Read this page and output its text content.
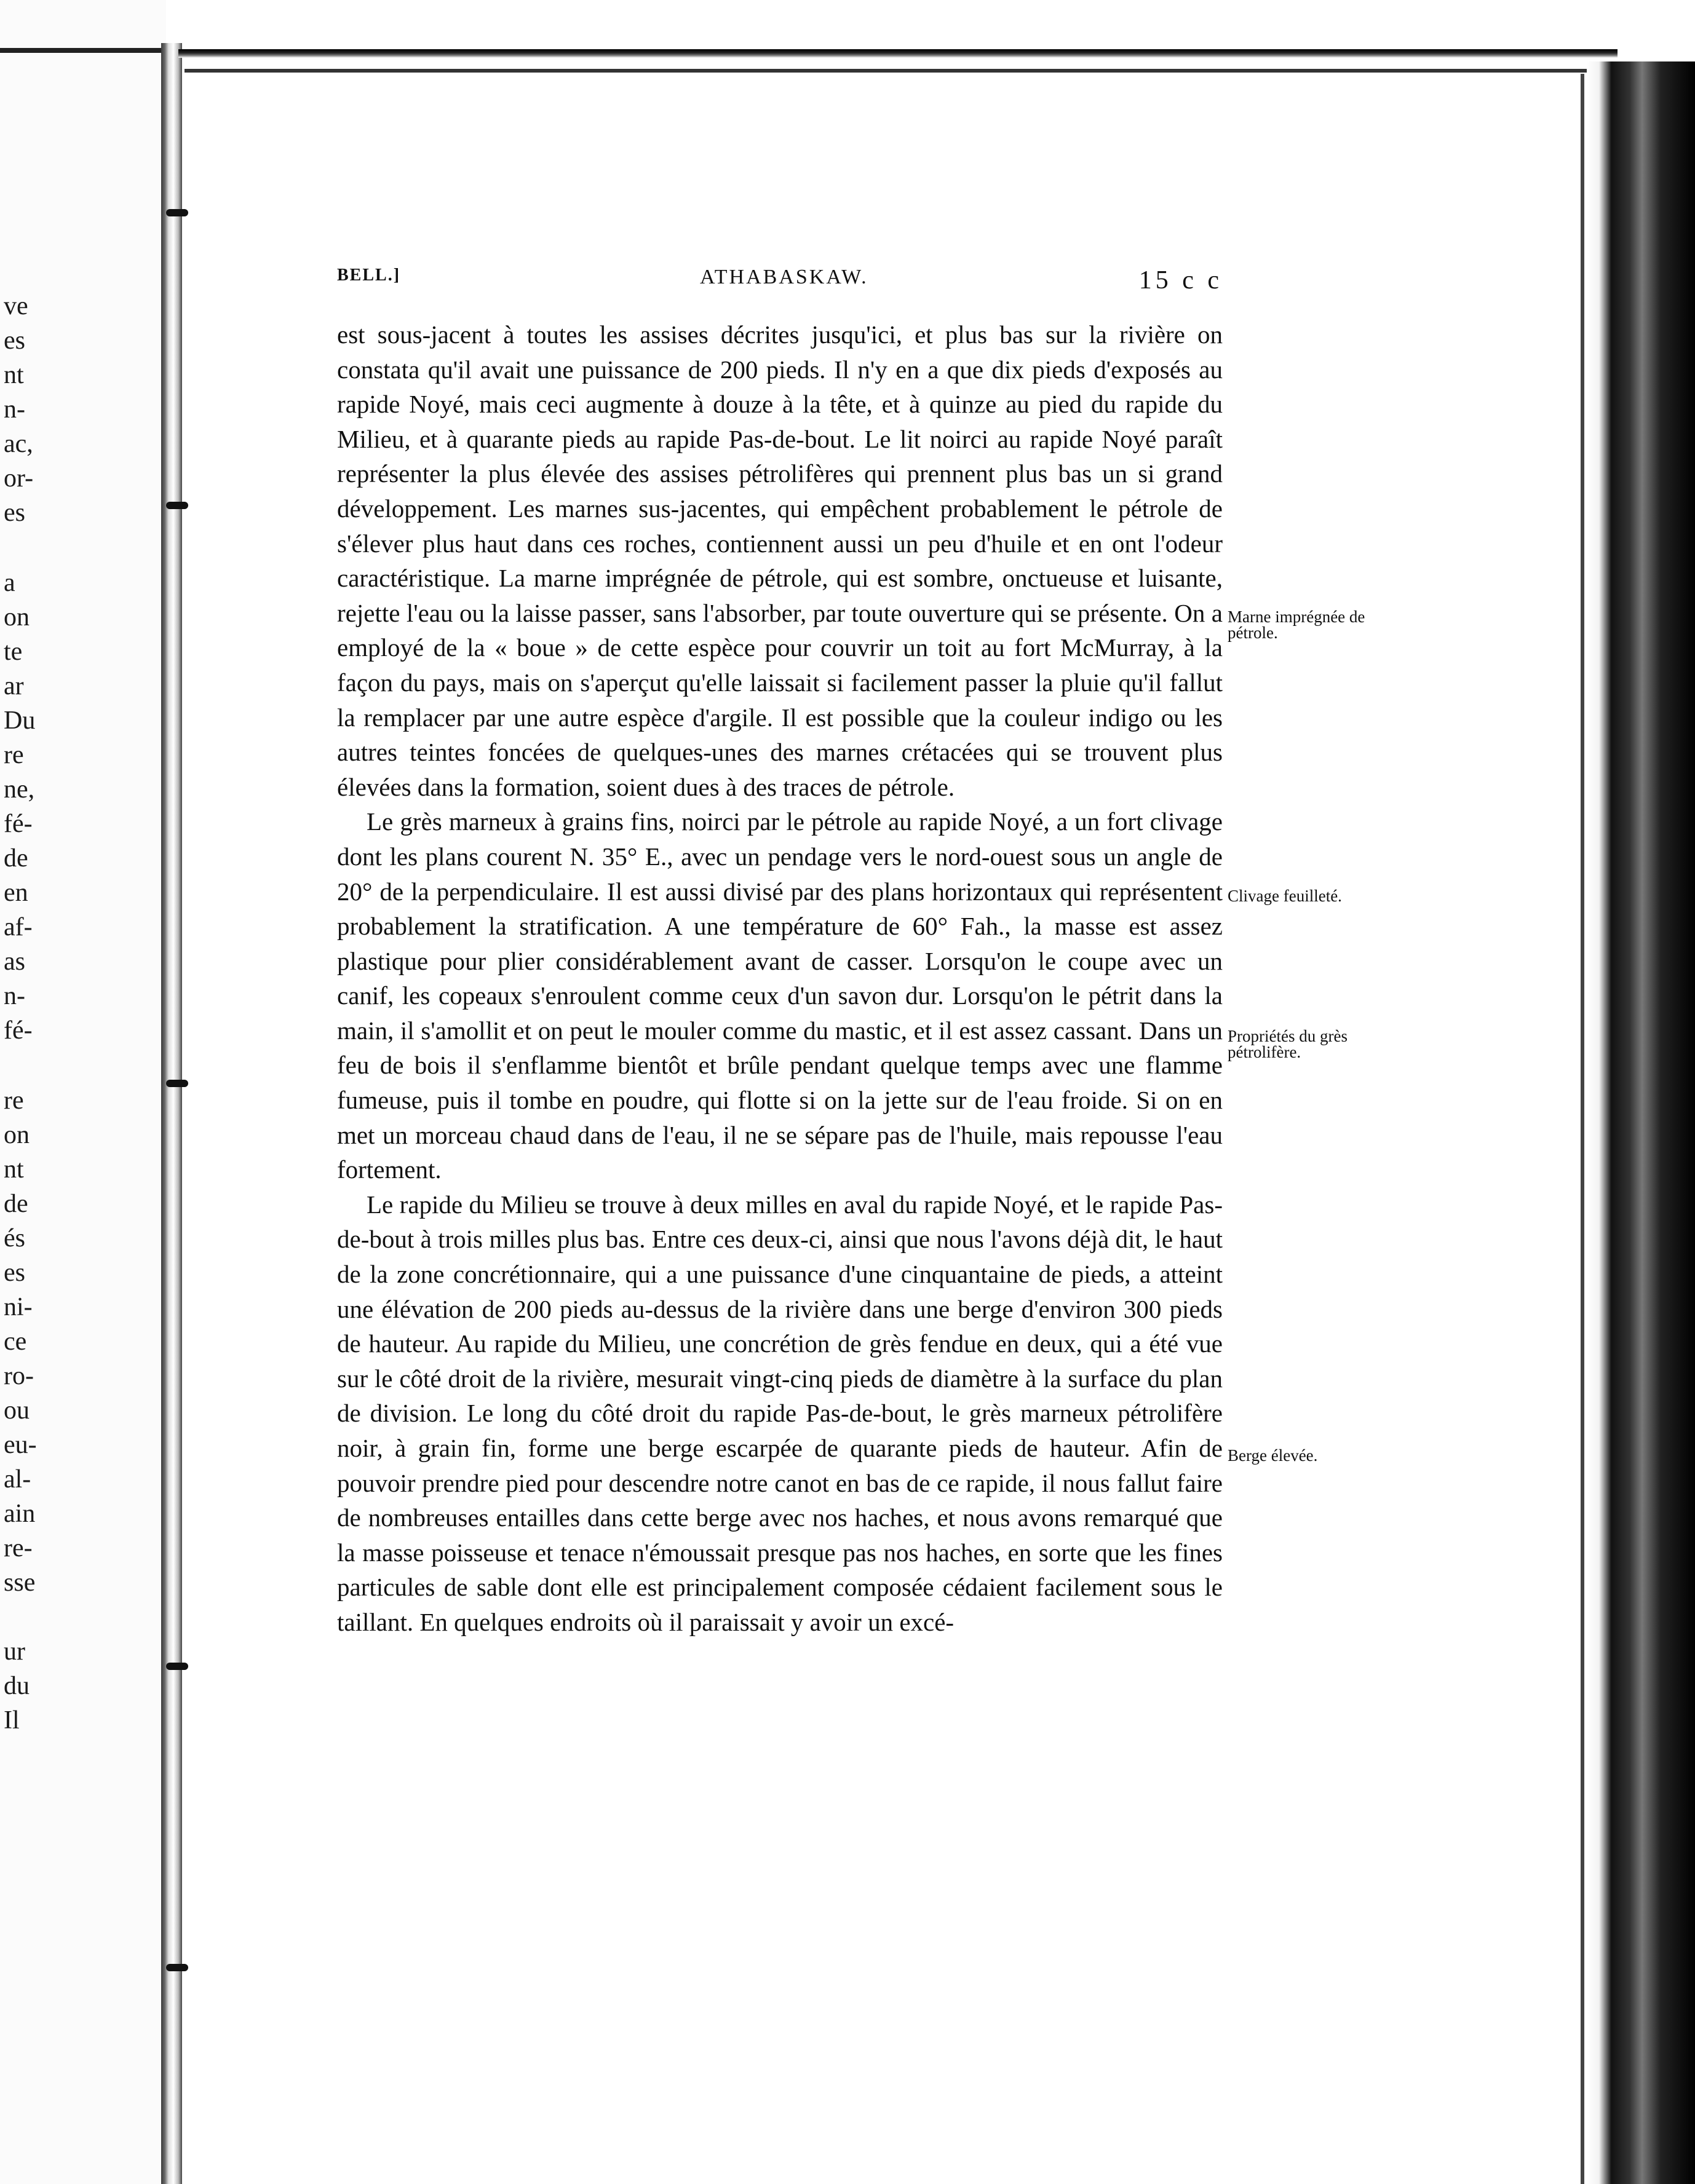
ve
es
nt
n-
ac,
or-
es
a
on
te
ar
Du
re
ne,
fé-
de
en
af-
as
n-
fé-
re
on
nt
de
és
es
ni-
ce
ro-
ou
eu-
al-
ain
re-
sse
ur
du
Il
BELL.]	ATHABASKAW.	15 c c

est sous-jacent à toutes les assises décrites jusqu'ici, et plus bas sur la rivière on constata qu'il avait une puissance de 200 pieds. Il n'y en a que dix pieds d'exposés au rapide Noyé, mais ceci augmente à douze à la tête, et à quinze au pied du rapide du Milieu, et à quarante pieds au rapide Pas-de-bout. Le lit noirci au rapide Noyé paraît représenter la plus élevée des assises pétrolifères qui prennent plus bas un si grand développement. Les marnes sus-jacentes, qui empêchent probablement le pétrole de s'élever plus haut dans ces roches, contiennent aussi un peu d'huile et en ont l'odeur caractéristique. La marne imprégnée de pétrole, qui est sombre, onctueuse et luisante, rejette l'eau ou la laisse passer, sans l'absorber, par toute ouverture qui se présente. On a employé de la « boue » de cette espèce pour couvrir un toit au fort McMurray, à la façon du pays, mais on s'aperçut qu'elle laissait si facilement passer la pluie qu'il fallut la remplacer par une autre espèce d'argile. Il est possible que la couleur indigo ou les autres teintes foncées de quelques-unes des marnes crétacées qui se trouvent plus élevées dans la formation, soient dues à des traces de pétrole.

Le grès marneux à grains fins, noirci par le pétrole au rapide Noyé, a un fort clivage dont les plans courent N. 35° E., avec un pendage vers le nord-ouest sous un angle de 20° de la perpendiculaire. Il est aussi divisé par des plans horizontaux qui représentent probablement la stratification. A une température de 60° Fah., la masse est assez plastique pour plier considérablement avant de casser. Lorsqu'on le coupe avec un canif, les copeaux s'enroulent comme ceux d'un savon dur. Lorsqu'on le pétrit dans la main, il s'amollit et on peut le mouler comme du mastic, et il est assez cassant. Dans un feu de bois il s'enflamme bientôt et brûle pendant quelque temps avec une flamme fumeuse, puis il tombe en poudre, qui flotte si on la jette sur de l'eau froide. Si on en met un morceau chaud dans de l'eau, il ne se sépare pas de l'huile, mais repousse l'eau fortement.

Le rapide du Milieu se trouve à deux milles en aval du rapide Noyé, et le rapide Pas-de-bout à trois milles plus bas. Entre ces deux-ci, ainsi que nous l'avons déjà dit, le haut de la zone concrétionnaire, qui a une puissance d'une cinquantaine de pieds, a atteint une élévation de 200 pieds au-dessus de la rivière dans une berge d'environ 300 pieds de hauteur. Au rapide du Milieu, une concrétion de grès fendue en deux, qui a été vue sur le côté droit de la rivière, mesurait vingt-cinq pieds de diamètre à la surface du plan de division. Le long du côté droit du rapide Pas-de-bout, le grès marneux pétrolifère noir, à grain fin, forme une berge escarpée de quarante pieds de hauteur. Afin de pouvoir prendre pied pour descendre notre canot en bas de ce rapide, il nous fallut faire de nombreuses entailles dans cette berge avec nos haches, et nous avons remarqué que la masse poisseuse et tenace n'émoussait presque pas nos haches, en sorte que les fines particules de sable dont elle est principalement composée cédaient facilement sous le taillant. En quelques endroits où il paraissait y avoir un excé-

Marne imprégnée de pétrole.
Clivage feuilleté.
Propriétés du grès pétrolifère.
Berge élevée.
